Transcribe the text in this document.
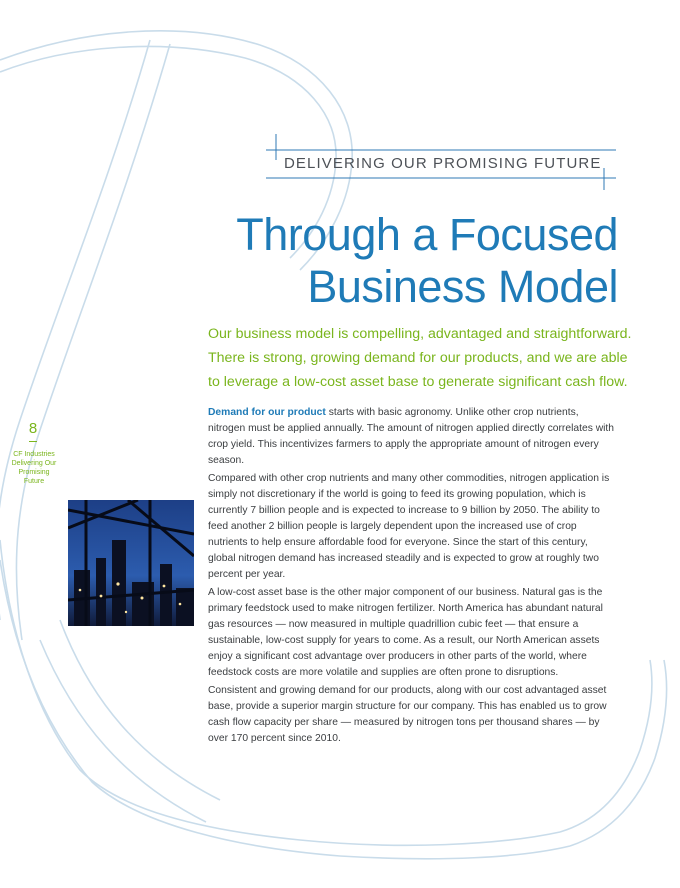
DELIVERING OUR PROMISING FUTURE
Through a Focused
Business Model
Our business model is compelling, advantaged and straightforward.
There is strong, growing demand for our products, and we are able
to leverage a low-cost asset base to generate significant cash flow.

Demand for our product starts with basic agronomy. Unlike other crop nutrients, nitrogen must be applied annually. The amount of nitrogen applied directly correlates with crop yield. This incentivizes farmers to apply the appropriate amount of nitrogen every season.

Compared with other crop nutrients and many other commodities, nitrogen application is simply not discretionary if the world is going to feed its growing population, which is currently 7 billion people and is expected to increase to 9 billion by 2050. The ability to feed another 2 billion people is largely dependent upon the increased use of crop nutrients to help ensure affordable food for everyone. Since the start of this century, global nitrogen demand has increased steadily and is expected to grow at roughly two percent per year.

A low-cost asset base is the other major component of our business. Natural gas is the primary feedstock used to make nitrogen fertilizer. North America has abundant natural gas resources — now measured in multiple quadrillion cubic feet — that ensure a sustainable, low-cost supply for years to come. As a result, our North American assets enjoy a significant cost advantage over producers in other parts of the world, where feedstock costs are more volatile and supplies are often prone to disruptions.

Consistent and growing demand for our products, along with our cost advantaged asset base, provide a superior margin structure for our company. This has enabled us to grow cash flow capacity per share — measured by nitrogen tons per thousand shares — by over 170 percent since 2010.

8
CF Industries
Delivering Our
Promising
Future
